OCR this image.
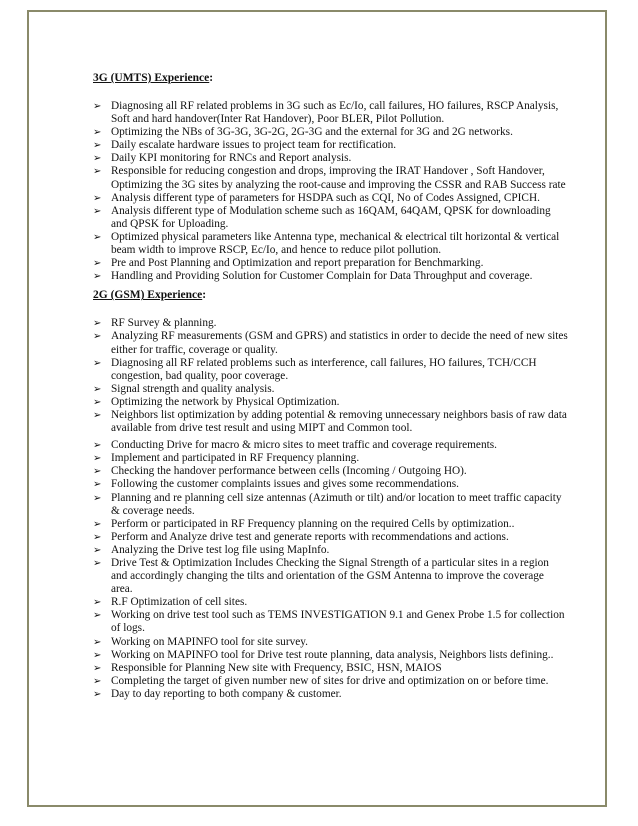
3G (UMTS) Experience:

➢ Diagnosing all RF related problems in 3G such as Ec/Io, call failures, HO failures, RSCP Analysis, Soft and hard handover(Inter Rat Handover), Poor BLER, Pilot Pollution.
➢ Optimizing the NBs of 3G-3G, 3G-2G, 2G-3G and the external for 3G and 2G networks.
➢ Daily escalate hardware issues to project team for rectification.
➢ Daily KPI monitoring for RNCs and Report analysis.
➢ Responsible for reducing congestion and drops, improving the IRAT Handover , Soft Handover, Optimizing the 3G sites by analyzing the root-cause and improving the CSSR and RAB Success rate
➢ Analysis different type of parameters for HSDPA such as CQI, No of Codes Assigned, CPICH.
➢ Analysis different type of Modulation scheme such as 16QAM, 64QAM, QPSK for downloading and QPSK for Uploading.
➢ Optimized physical parameters like Antenna type, mechanical & electrical tilt horizontal & vertical beam width to improve RSCP, Ec/Io, and hence to reduce pilot pollution.
➢ Pre and Post Planning and Optimization and report preparation for Benchmarking.
➢ Handling and Providing Solution for Customer Complain for Data Throughput and coverage.

2G (GSM) Experience:

➢ RF Survey & planning.
➢ Analyzing RF measurements (GSM and GPRS) and statistics in order to decide the need of new sites either for traffic, coverage or quality.
➢ Diagnosing all RF related problems such as interference, call failures, HO failures, TCH/CCH congestion, bad quality, poor coverage.
➢ Signal strength and quality analysis.
➢ Optimizing the network by Physical Optimization.
➢ Neighbors list optimization by adding potential & removing unnecessary neighbors basis of raw data available from drive test result and using MIPT and Common tool.
➢ Conducting Drive for macro & micro sites to meet traffic and coverage requirements.
➢ Implement and participated in RF Frequency planning.
➢ Checking the handover performance between cells (Incoming / Outgoing HO).
➢ Following the customer complaints issues and gives some recommendations.
➢ Planning and re planning cell size antennas (Azimuth or tilt) and/or location to meet traffic capacity & coverage needs.
➢ Perform or participated in RF Frequency planning on the required Cells by optimization..
➢ Perform and Analyze drive test and generate reports with recommendations and actions.
➢ Analyzing the Drive test log file using MapInfo.
➢ Drive Test & Optimization Includes Checking the Signal Strength of a particular sites in a region and accordingly changing the tilts and orientation of the GSM Antenna to improve the coverage area.
➢ R.F Optimization of cell sites.
➢ Working on drive test tool such as TEMS INVESTIGATION 9.1 and Genex Probe 1.5 for collection of logs.
➢ Working on MAPINFO tool for site survey.
➢ Working on MAPINFO tool for Drive test route planning, data analysis, Neighbors lists defining..
➢ Responsible for Planning New site with Frequency, BSIC, HSN, MAIOS
➢ Completing the target of given number new of sites for drive and optimization on or before time.
➢ Day to day reporting to both company & customer.
